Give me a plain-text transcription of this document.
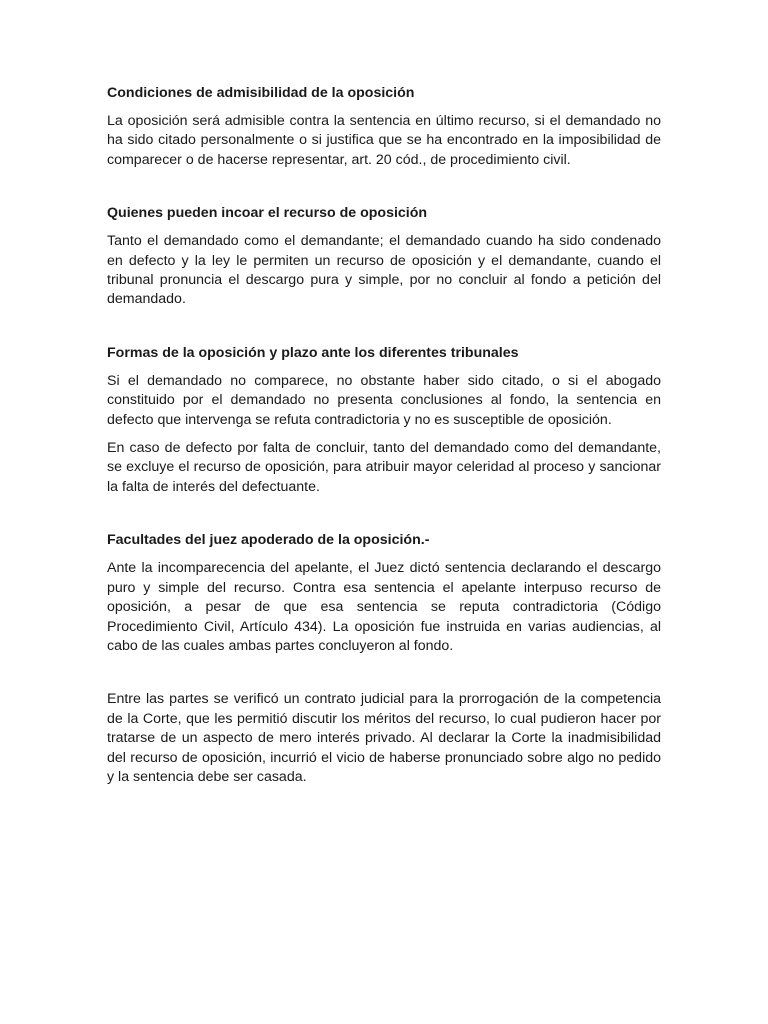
Condiciones de admisibilidad de la oposición

La oposición será admisible contra la sentencia en último recurso, si el demandado no ha sido citado personalmente o si justifica que se ha encontrado en la imposibilidad de comparecer o de hacerse representar, art. 20 cód., de procedimiento civil.

Quienes pueden incoar el recurso de oposición

Tanto el demandado como el demandante; el demandado cuando ha sido condenado en defecto y la ley le permiten un recurso de oposición y el demandante, cuando el tribunal pronuncia el descargo pura y simple, por no concluir al fondo a petición del demandado.

Formas de la oposición y plazo ante los diferentes tribunales

Si el demandado no comparece, no obstante haber sido citado, o si el abogado constituido por el demandado no presenta conclusiones al fondo, la sentencia en defecto que intervenga se refuta contradictoria y no es susceptible de oposición.

En caso de defecto por falta de concluir, tanto del demandado como del demandante, se excluye el recurso de oposición, para atribuir mayor celeridad al proceso y sancionar la falta de interés del defectuante.

Facultades del juez apoderado de la oposición.-

Ante la incomparecencia del apelante, el Juez dictó sentencia declarando el descargo puro y simple del recurso. Contra esa sentencia el apelante interpuso recurso de oposición, a pesar de que esa sentencia se reputa contradictoria (Código Procedimiento Civil, Artículo 434). La oposición fue instruida en varias audiencias, al cabo de las cuales ambas partes concluyeron al fondo.

Entre las partes se verificó un contrato judicial para la prorrogación de la competencia de la Corte, que les permitió discutir los méritos del recurso, lo cual pudieron hacer por tratarse de un aspecto de mero interés privado. Al declarar la Corte la inadmisibilidad del recurso de oposición, incurrió el vicio de haberse pronunciado sobre algo no pedido y la sentencia debe ser casada.
